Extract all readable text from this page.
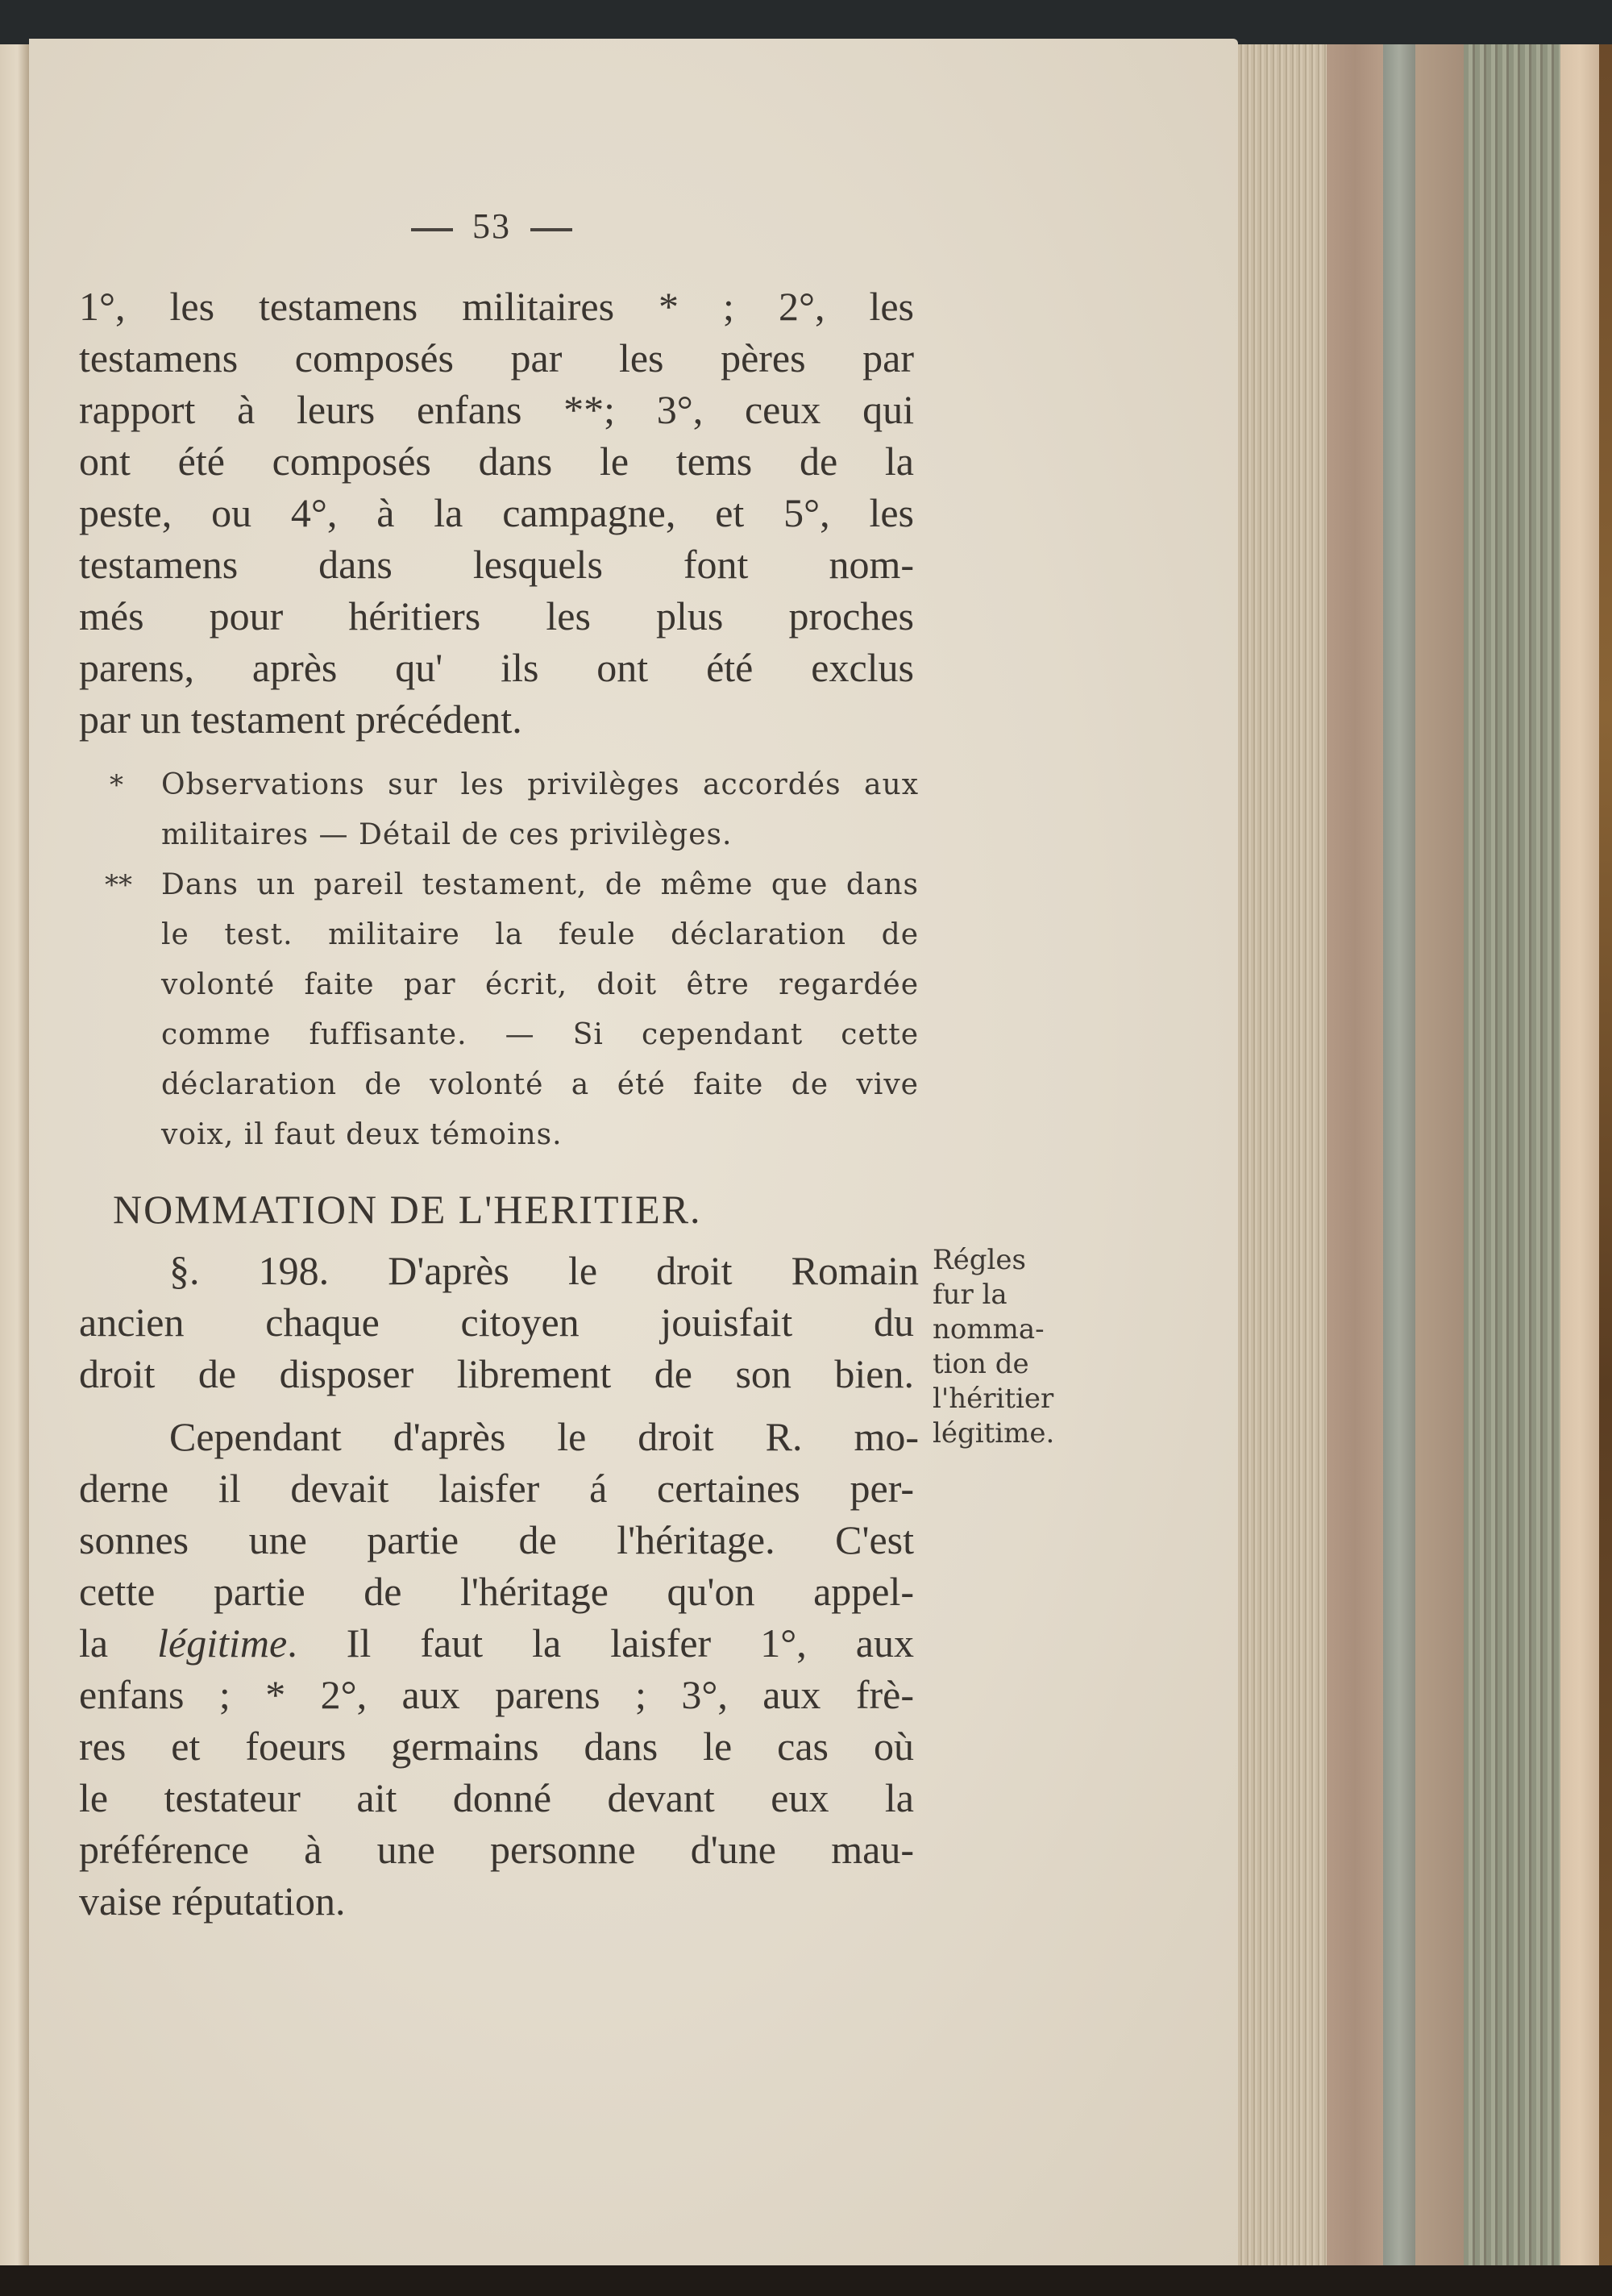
53
1°, les testamens militaires * ; 2°, les
testamens composés par les pères par
rapport à leurs enfans **; 3°, ceux qui
ont été composés dans le tems de la
peste, ou 4°, à la campagne, et 5°, les
testamens dans lesquels font nom-
més pour héritiers les plus proches
parens, après qu' ils ont été exclus
par un testament précédent.
* Observations sur les privilèges accordés aux
militaires — Détail de ces privilèges.
** Dans un pareil testament, de même que dans
le test. militaire la feule déclaration de
volonté faite par écrit, doit être regardée
comme fuffisante. — Si cependant cette
déclaration de volonté a été faite de vive
voix, il faut deux témoins.
NOMMATION DE L'HERITIER.
§. 198. D'après le droit Romain
ancien chaque citoyen jouisfait du
droit de disposer librement de son bien.
Régles
fur la
nomma-
tion de
l'héritier
légitime.
Cependant d'après le droit R. mo-
derne il devait laisfer á certaines per-
sonnes une partie de l'héritage. C'est
cette partie de l'héritage qu'on appel-
la légitime. Il faut la laisfer 1°, aux
enfans ; * 2°, aux parens ; 3°, aux frè-
res et foeurs germains dans le cas où
le testateur ait donné devant eux la
préférence à une personne d'une mau-
vaise réputation.
